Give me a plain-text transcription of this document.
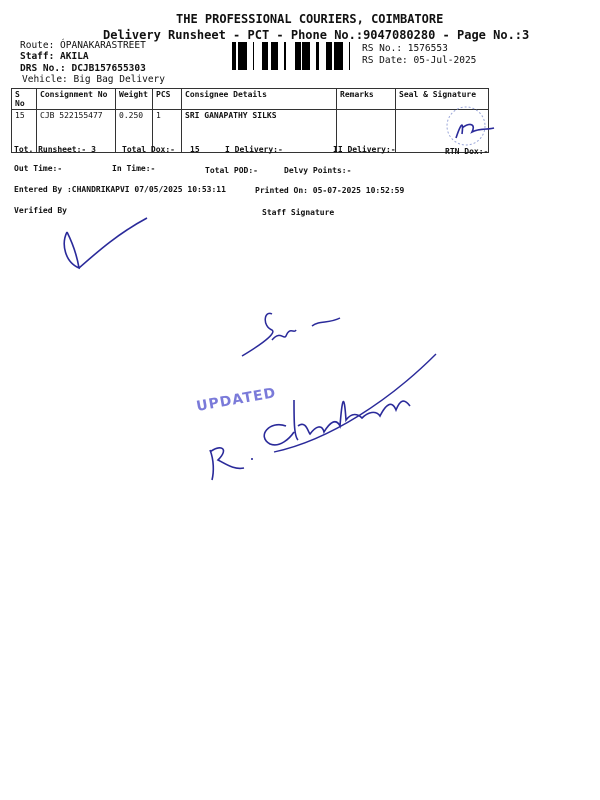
THE PROFESSIONAL COURIERS, COIMBATORE
Delivery Runsheet - PCT - Phone No.:9047080280 - Page No.:3
Route: ÓPANAKARASTREET
Staff: AKILA
DRS No.: DCJB157655303
Vehicle: Big Bag Delivery
RS No.: 1576553
RS Date: 05-Jul-2025
S No	Consignment No	Weight	PCS	Consignee Details	Remarks	Seal & Signature
15	CJB 522155477	0.250	1	SRI GANAPATHY SILKS		
Tot. Runsheet:- 3	Total Dox:- 15	I Delivery:-	II Delivery:-	RTN Dox:-
Out Time:-	In Time:-	Total POD:-	Delvy Points:-
Entered By :CHANDRIKAPVI 07/05/2025 10:53:11	Printed On: 05-07-2025 10:52:59
Verified By	Staff Signature
UPDATED
